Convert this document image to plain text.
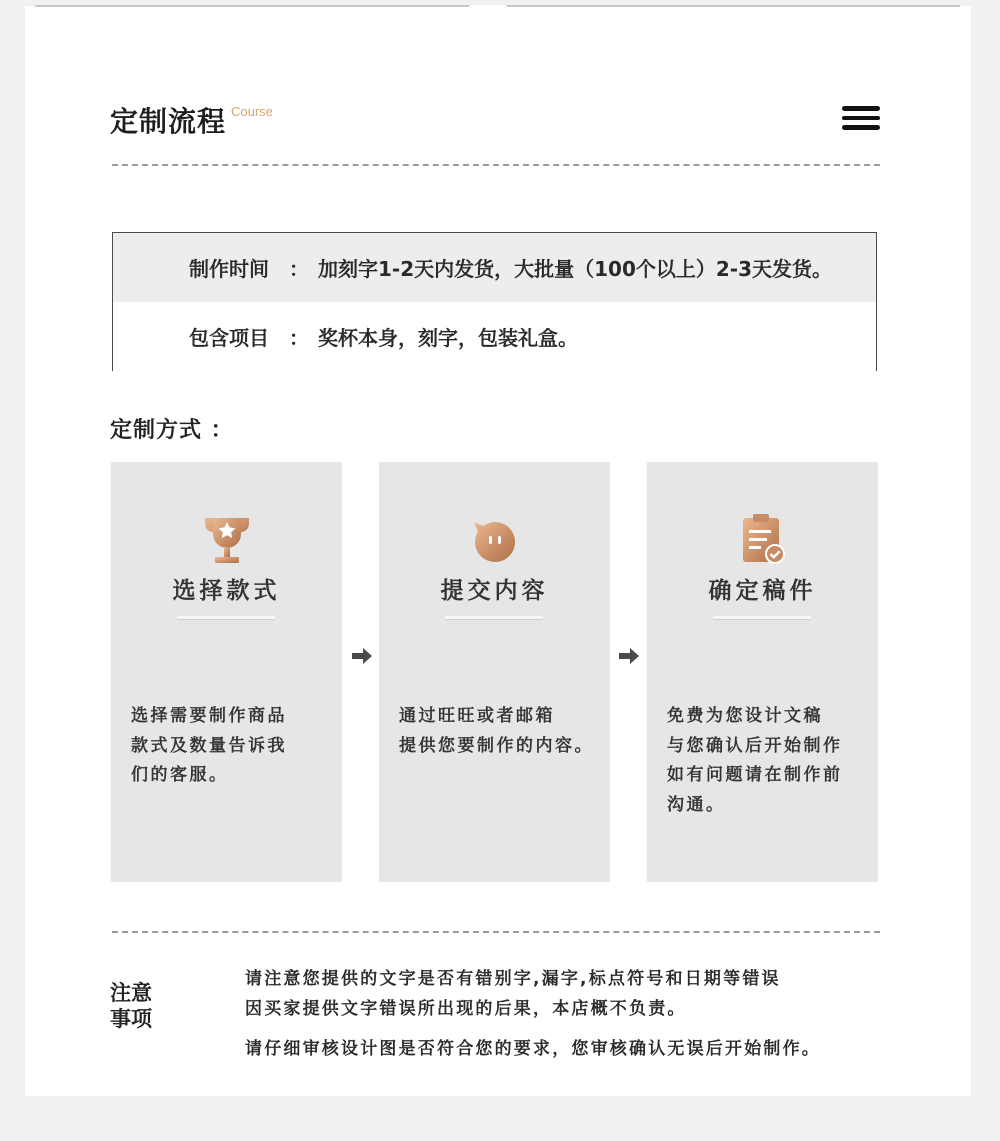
定制流程 Course
制作时间 ： 加刻字1-2天内发货，大批量（100个以上）2-3天发货。
包含项目 ： 奖杯本身，刻字，包装礼盒。
定制方式 ：
选择款式
选择需要制作商品
款式及数量告诉我
们的客服。
提交内容
通过旺旺或者邮箱
提供您要制作的内容。
确定稿件
免费为您设计文稿
与您确认后开始制作
如有问题请在制作前
沟通。
注意
事项
请注意您提供的文字是否有错别字,漏字,标点符号和日期等错误
因买家提供文字错误所出现的后果，本店概不负责。
请仔细审核设计图是否符合您的要求，您审核确认无误后开始制作。
